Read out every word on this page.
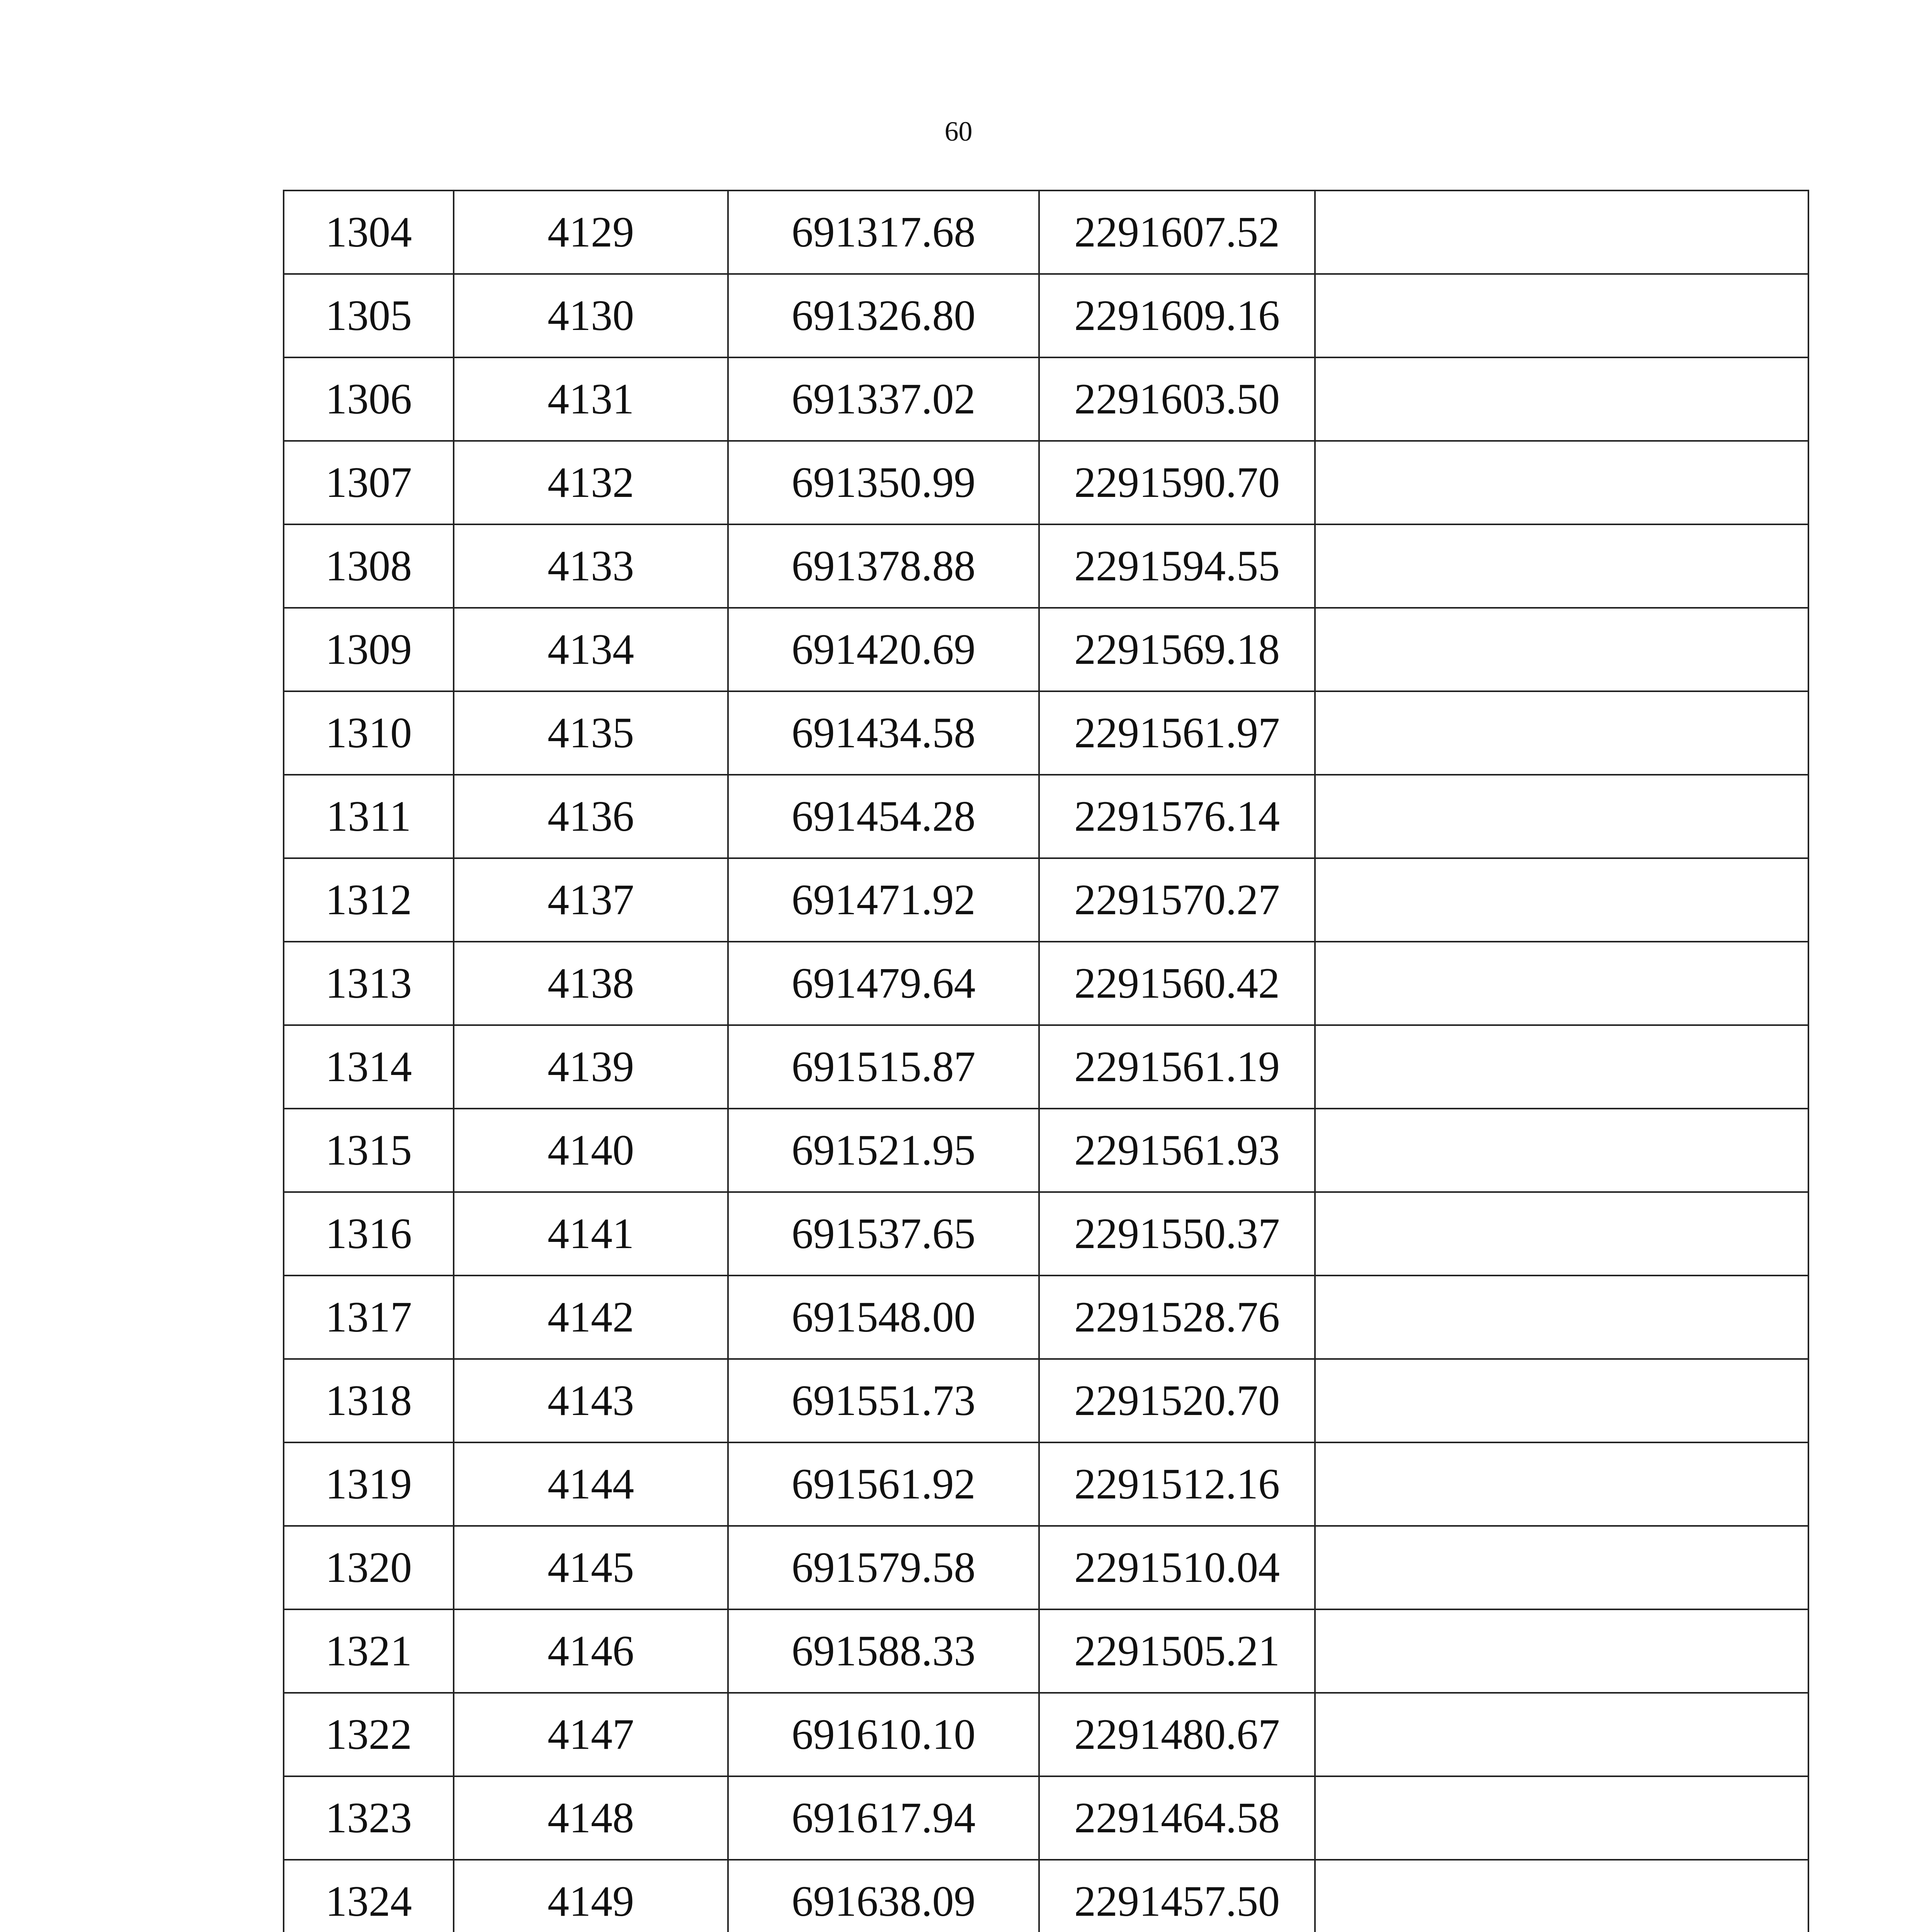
60
1304	4129	691317.68	2291607.52	
1305	4130	691326.80	2291609.16	
1306	4131	691337.02	2291603.50	
1307	4132	691350.99	2291590.70	
1308	4133	691378.88	2291594.55	
1309	4134	691420.69	2291569.18	
1310	4135	691434.58	2291561.97	
1311	4136	691454.28	2291576.14	
1312	4137	691471.92	2291570.27	
1313	4138	691479.64	2291560.42	
1314	4139	691515.87	2291561.19	
1315	4140	691521.95	2291561.93	
1316	4141	691537.65	2291550.37	
1317	4142	691548.00	2291528.76	
1318	4143	691551.73	2291520.70	
1319	4144	691561.92	2291512.16	
1320	4145	691579.58	2291510.04	
1321	4146	691588.33	2291505.21	
1322	4147	691610.10	2291480.67	
1323	4148	691617.94	2291464.58	
1324	4149	691638.09	2291457.50	
